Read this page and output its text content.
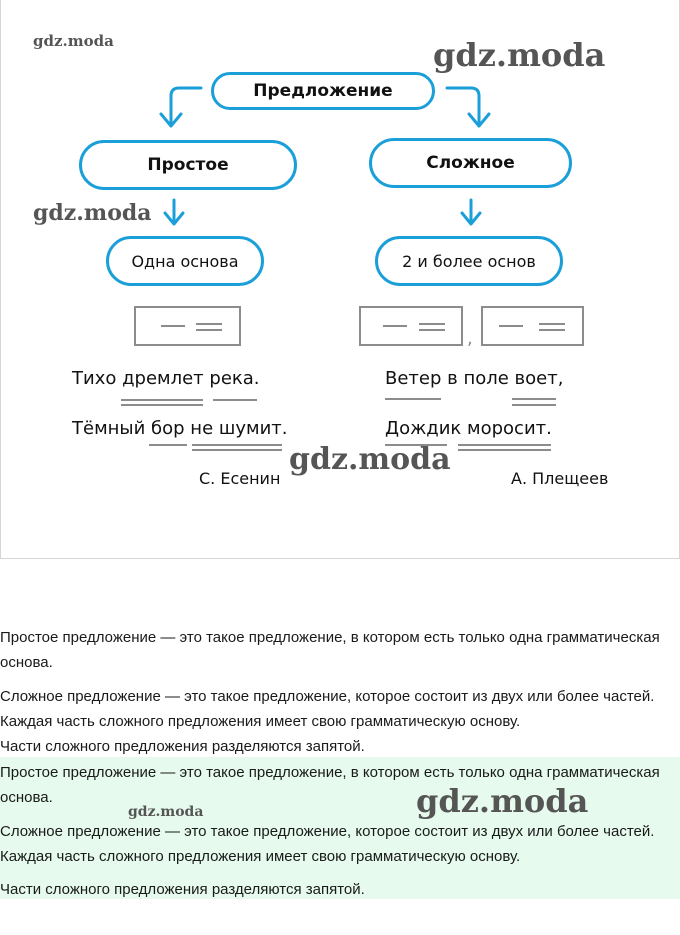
Предложение
Простое	Сложное
Одна основа	2 и более основ
,
Тихо дремлет река.
Тёмный бор не шумит.
С. Есенин
Ветер в поле воет,
Дождик моросит.
А. Плещеев
gdz.moda	gdz.moda
gdz.moda
gdz.moda
Простое предложение — это такое предложение, в котором есть только одна грамматическая основа.
Сложное предложение — это такое предложение, которое состоит из двух или более частей. Каждая часть сложного предложения имеет свою грамматическую основу.
Части сложного предложения разделяются запятой.
Простое предложение — это такое предложение, в котором есть только одна грамматическая основа.
Сложное предложение — это такое предложение, которое состоит из двух или более частей. Каждая часть сложного предложения имеет свою грамматическую основу.
Части сложного предложения разделяются запятой.
gdz.moda	gdz.moda
